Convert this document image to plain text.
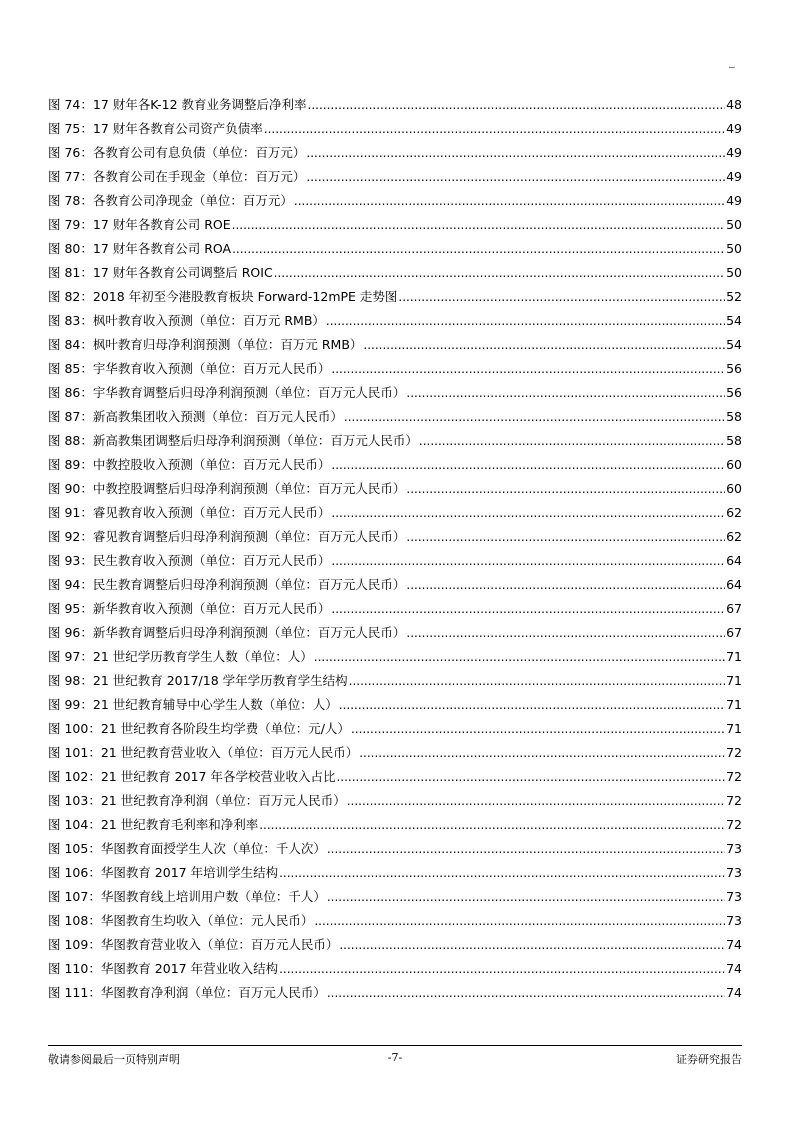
ꟷ
图 74：17 财年各K-12 教育业务调整后净利率 .....	48
图 75：17 财年各教育公司资产负债率 .....	49
图 76：各教育公司有息负债（单位：百万元） .....	49
图 77：各教育公司在手现金（单位：百万元） .....	49
图 78：各教育公司净现金（单位：百万元） .....	49
图 79：17 财年各教育公司 ROE .....	50
图 80：17 财年各教育公司 ROA .....	50
图 81：17 财年各教育公司调整后 ROIC .....	50
图 82：2018 年初至今港股教育板块 Forward-12mPE 走势图 .....	52
图 83：枫叶教育收入预测（单位：百万元 RMB） .....	54
图 84：枫叶教育归母净利润预测（单位：百万元 RMB） .....	54
图 85：宇华教育收入预测（单位：百万元人民币） .....	56
图 86：宇华教育调整后归母净利润预测（单位：百万元人民币） .....	56
图 87：新高教集团收入预测（单位：百万元人民币） .....	58
图 88：新高教集团调整后归母净利润预测（单位：百万元人民币） .....	58
图 89：中教控股收入预测（单位：百万元人民币） .....	60
图 90：中教控股调整后归母净利润预测（单位：百万元人民币） .....	60
图 91：睿见教育收入预测（单位：百万元人民币） .....	62
图 92：睿见教育调整后归母净利润预测（单位：百万元人民币） .....	62
图 93：民生教育收入预测（单位：百万元人民币） .....	64
图 94：民生教育调整后归母净利润预测（单位：百万元人民币） .....	64
图 95：新华教育收入预测（单位：百万元人民币） .....	67
图 96：新华教育调整后归母净利润预测（单位：百万元人民币） .....	67
图 97：21 世纪学历教育学生人数（单位：人） .....	71
图 98：21 世纪教育 2017/18 学年学历教育学生结构 .....	71
图 99：21 世纪教育辅导中心学生人数（单位：人） .....	71
图 100：21 世纪教育各阶段生均学费（单位：元/人） .....	71
图 101：21 世纪教育营业收入（单位：百万元人民币） .....	72
图 102：21 世纪教育 2017 年各学校营业收入占比 .....	72
图 103：21 世纪教育净利润（单位：百万元人民币） .....	72
图 104：21 世纪教育毛利率和净利率 .....	72
图 105：华图教育面授学生人次（单位：千人次） .....	73
图 106：华图教育 2017 年培训学生结构 .....	73
图 107：华图教育线上培训用户数（单位：千人） .....	73
图 108：华图教育生均收入（单位：元人民币） .....	73
图 109：华图教育营业收入（单位：百万元人民币） .....	74
图 110：华图教育 2017 年营业收入结构 .....	74
图 111：华图教育净利润（单位：百万元人民币） .....	74
敬请参阅最后一页特别声明	-7-	证券研究报告
